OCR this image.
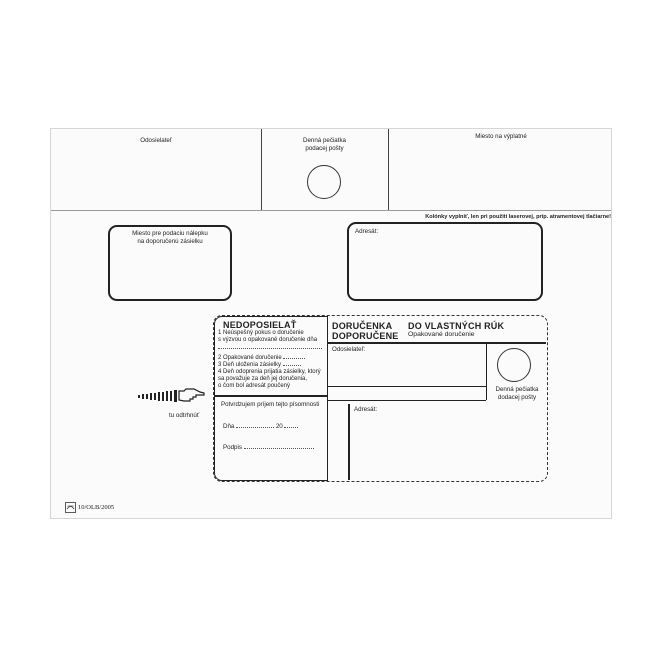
Odosielateľ	Denná pečiatka
podacej pošty
Miesto na výplatné
Miesto pre podaciu nálepku
na doporučenú zásielku
Kolónky vyplniť, len pri použití laserovej, príp. atramentovej tlačiarne!
Adresát:
tu odtrhnúť
NEDOPOSIELAŤ
1 Neúspešný pokus o doručenie
s výzvou o opakované doručenie dňa
2 Opakované doručenie
3 Deň uloženia zásielky
4 Deň odoprenia prijatia zásielky, ktorý
sa považuje za deň jej doručenia,
o čom bol adresát poučený
Potvrdzujem príjem tejto písomnosti
Dňa	20
Podpis
DORUČENKA
DOPORUČENE
DO VLASTNÝCH RÚK
Opakované doručenie
Odosielateľ:
Denná pečiatka
dodacej pošty
Adresát:
10/OLB/2005
